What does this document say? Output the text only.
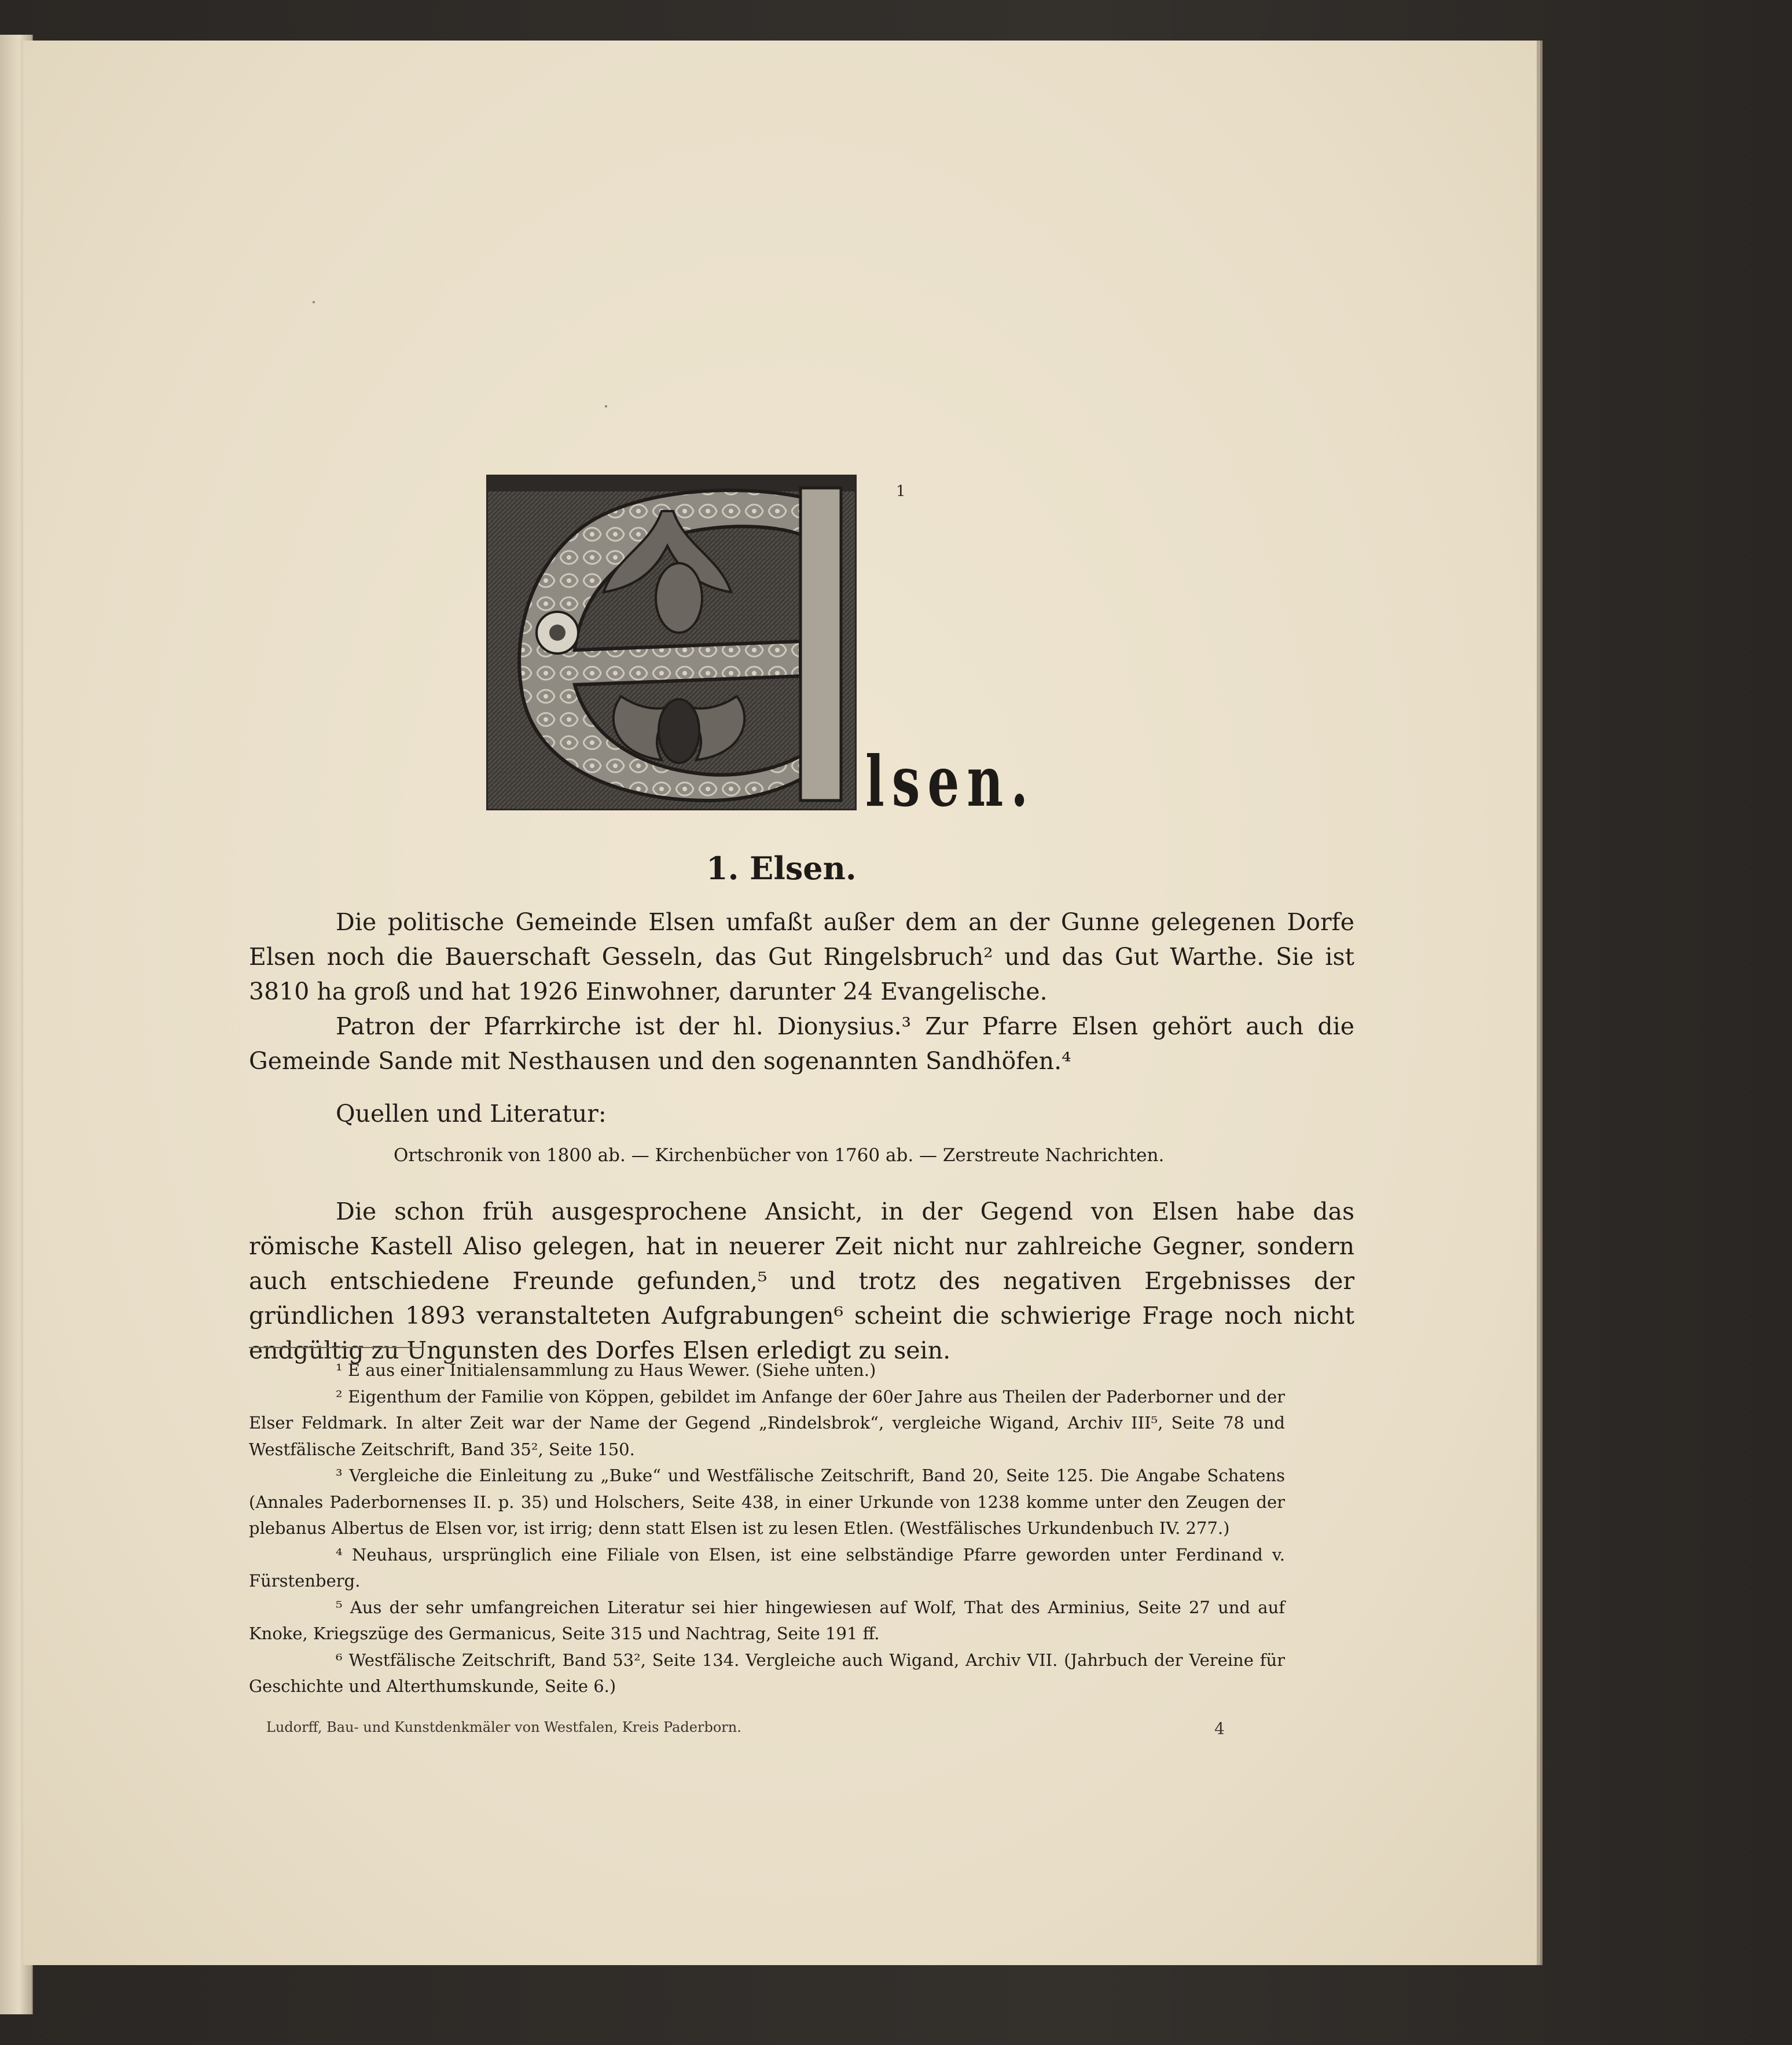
1
lsen.
1. Elsen.

Die politische Gemeinde Elsen umfaßt außer dem an der Gunne gelegenen Dorfe Elsen noch die Bauerschaft Gesseln, das Gut Ringelsbruch² und das Gut Warthe. Sie ist 3810 ha groß und hat 1926 Einwohner, darunter 24 Evangelische.

Patron der Pfarrkirche ist der hl. Dionysius.³ Zur Pfarre Elsen gehört auch die Gemeinde Sande mit Nesthausen und den sogenannten Sandhöfen.⁴

Quellen und Literatur:
Ortschronik von 1800 ab. — Kirchenbücher von 1760 ab. — Zerstreute Nachrichten.

Die schon früh ausgesprochene Ansicht, in der Gegend von Elsen habe das römische Kastell Aliso gelegen, hat in neuerer Zeit nicht nur zahlreiche Gegner, sondern auch entschiedene Freunde gefunden,⁵ und trotz des negativen Ergebnisses der gründlichen 1893 veranstalteten Aufgrabungen⁶ scheint die schwierige Frage noch nicht endgültig zu Ungunsten des Dorfes Elsen erledigt zu sein.

¹ E aus einer Initialensammlung zu Haus Wewer. (Siehe unten.)

² Eigenthum der Familie von Köppen, gebildet im Anfange der 60er Jahre aus Theilen der Paderborner und der Elser Feldmark. In alter Zeit war der Name der Gegend „Rindelsbrok“, vergleiche Wigand, Archiv III⁵, Seite 78 und Westfälische Zeitschrift, Band 35², Seite 150.

³ Vergleiche die Einleitung zu „Buke“ und Westfälische Zeitschrift, Band 20, Seite 125. Die Angabe Schatens (Annales Paderbornenses II. p. 35) und Holschers, Seite 438, in einer Urkunde von 1238 komme unter den Zeugen der plebanus Albertus de Elsen vor, ist irrig; denn statt Elsen ist zu lesen Etlen. (Westfälisches Urkundenbuch IV. 277.)

⁴ Neuhaus, ursprünglich eine Filiale von Elsen, ist eine selbständige Pfarre geworden unter Ferdinand v. Fürstenberg.

⁵ Aus der sehr umfangreichen Literatur sei hier hingewiesen auf Wolf, That des Arminius, Seite 27 und auf Knoke, Kriegszüge des Germanicus, Seite 315 und Nachtrag, Seite 191 ff.

⁶ Westfälische Zeitschrift, Band 53², Seite 134. Vergleiche auch Wigand, Archiv VII. (Jahrbuch der Vereine für Geschichte und Alterthumskunde, Seite 6.)

Ludorff, Bau- und Kunstdenkmäler von Westfalen, Kreis Paderborn.	4
